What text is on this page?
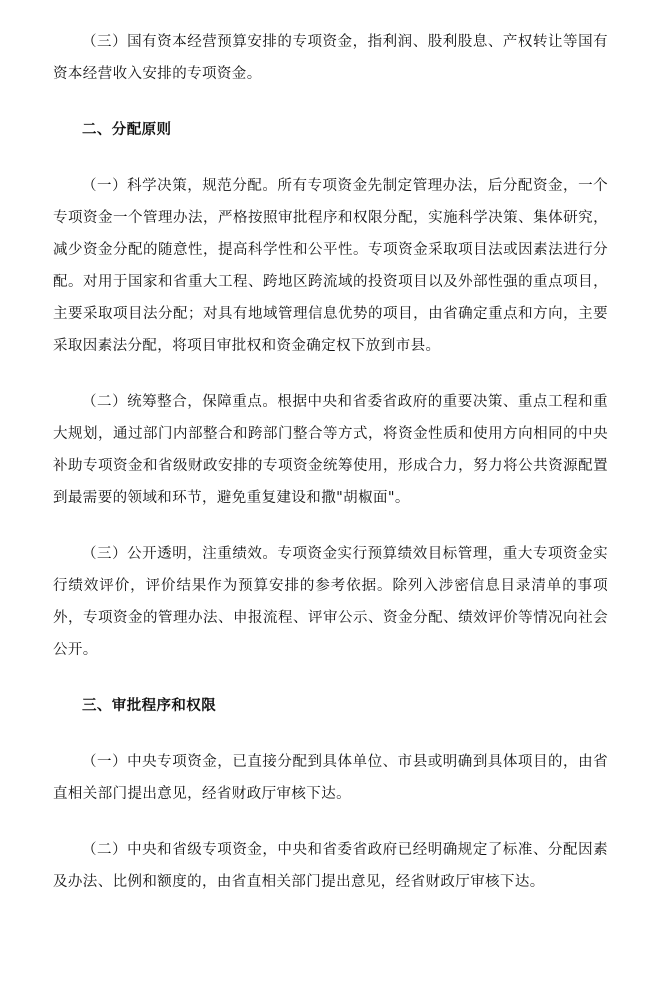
（三）国有资本经营预算安排的专项资金，指利润、股利股息、产权转让等国有资本经营收入安排的专项资金。

二、分配原则

（一）科学决策，规范分配。所有专项资金先制定管理办法，后分配资金，一个专项资金一个管理办法，严格按照审批程序和权限分配，实施科学决策、集体研究，减少资金分配的随意性，提高科学性和公平性。专项资金采取项目法或因素法进行分配。对用于国家和省重大工程、跨地区跨流域的投资项目以及外部性强的重点项目，主要采取项目法分配；对具有地域管理信息优势的项目，由省确定重点和方向，主要采取因素法分配，将项目审批权和资金确定权下放到市县。

（二）统筹整合，保障重点。根据中央和省委省政府的重要决策、重点工程和重大规划，通过部门内部整合和跨部门整合等方式，将资金性质和使用方向相同的中央补助专项资金和省级财政安排的专项资金统筹使用，形成合力，努力将公共资源配置到最需要的领域和环节，避免重复建设和撒"胡椒面"。

（三）公开透明，注重绩效。专项资金实行预算绩效目标管理，重大专项资金实行绩效评价，评价结果作为预算安排的参考依据。除列入涉密信息目录清单的事项外，专项资金的管理办法、申报流程、评审公示、资金分配、绩效评价等情况向社会公开。

三、审批程序和权限

（一）中央专项资金，已直接分配到具体单位、市县或明确到具体项目的，由省直相关部门提出意见，经省财政厅审核下达。

（二）中央和省级专项资金，中央和省委省政府已经明确规定了标准、分配因素及办法、比例和额度的，由省直相关部门提出意见，经省财政厅审核下达。
